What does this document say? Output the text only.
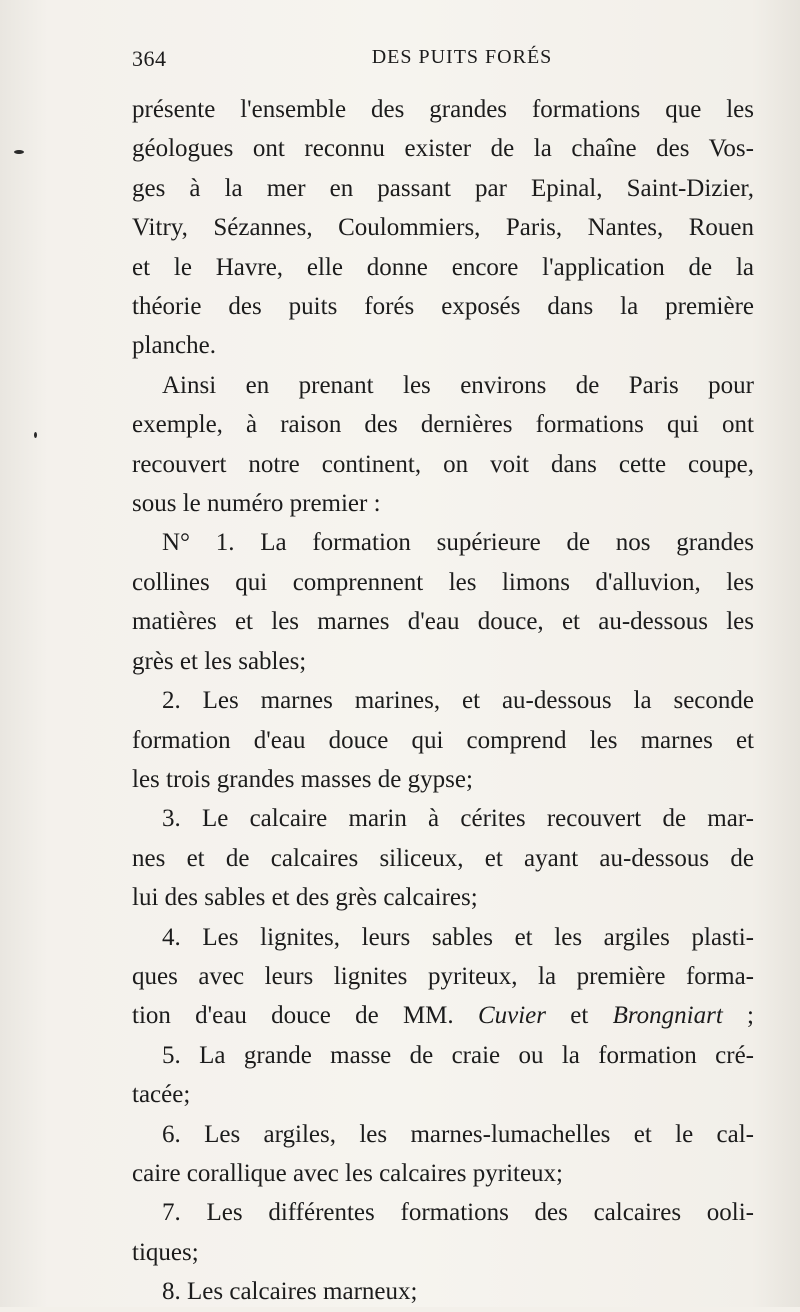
364	DES PUITS FORÉS
présente l'ensemble des grandes formations que les
géologues ont reconnu exister de la chaîne des Vos-
ges à la mer en passant par Epinal, Saint-Dizier,
Vitry, Sézannes, Coulommiers, Paris, Nantes, Rouen
et le Havre, elle donne encore l'application de la
théorie des puits forés exposés dans la première
planche.
Ainsi en prenant les environs de Paris pour
exemple, à raison des dernières formations qui ont
recouvert notre continent, on voit dans cette coupe,
sous le numéro premier :
N° 1. La formation supérieure de nos grandes
collines qui comprennent les limons d'alluvion, les
matières et les marnes d'eau douce, et au-dessous les
grès et les sables;
2. Les marnes marines, et au-dessous la seconde
formation d'eau douce qui comprend les marnes et
les trois grandes masses de gypse;
3. Le calcaire marin à cérites recouvert de mar-
nes et de calcaires siliceux, et ayant au-dessous de
lui des sables et des grès calcaires;
4. Les lignites, leurs sables et les argiles plasti-
ques avec leurs lignites pyriteux, la première forma-
tion d'eau douce de MM. Cuvier et Brongniart ;
5. La grande masse de craie ou la formation cré-
tacée;
6. Les argiles, les marnes-lumachelles et le cal-
caire corallique avec les calcaires pyriteux;
7. Les différentes formations des calcaires ooli-
tiques;
8. Les calcaires marneux;
